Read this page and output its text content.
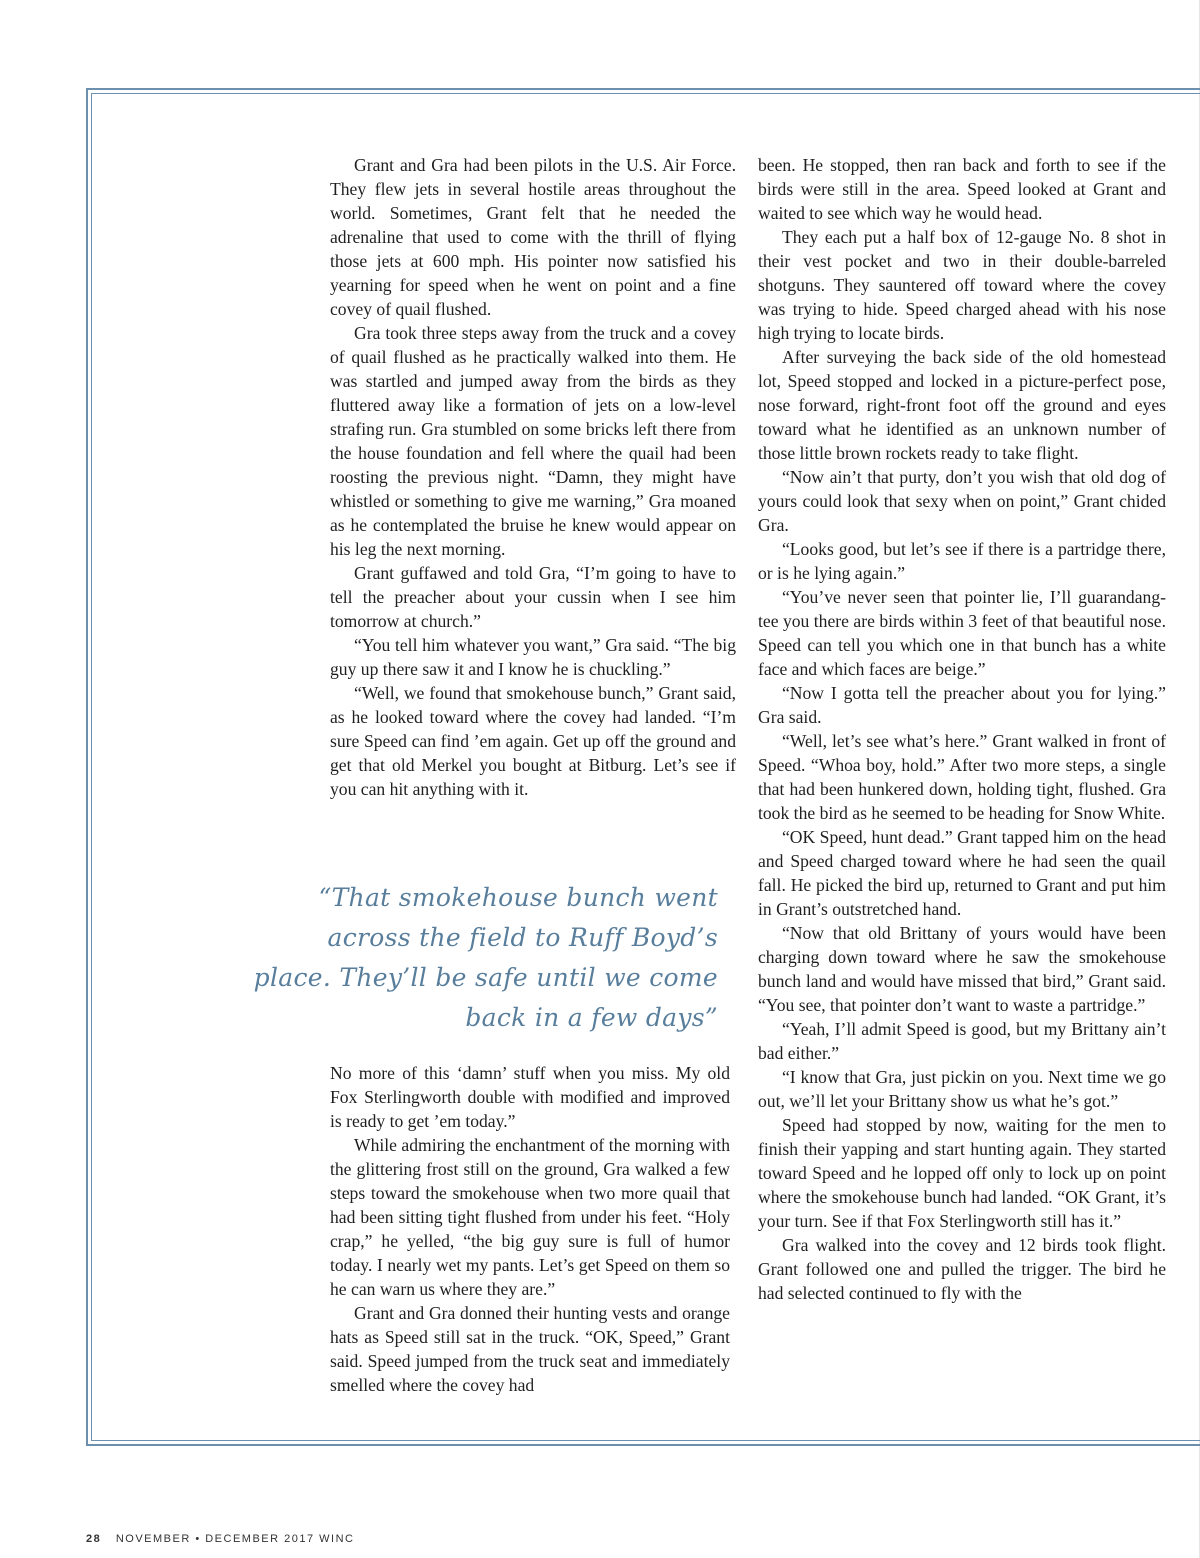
Grant and Gra had been pilots in the U.S. Air Force. They flew jets in several hostile areas throughout the world. Sometimes, Grant felt that he needed the adrenaline that used to come with the thrill of flying those jets at 600 mph. His pointer now satisfied his yearning for speed when he went on point and a fine covey of quail flushed.

Gra took three steps away from the truck and a covey of quail flushed as he practically walked into them. He was startled and jumped away from the birds as they fluttered away like a formation of jets on a low-level strafing run. Gra stumbled on some bricks left there from the house foundation and fell where the quail had been roosting the previous night. “Damn, they might have whistled or something to give me warning,” Gra moaned as he contemplated the bruise he knew would appear on his leg the next morning.

Grant guffawed and told Gra, “I’m going to have to tell the preacher about your cussin when I see him tomorrow at church.”

“You tell him whatever you want,” Gra said. “The big guy up there saw it and I know he is chuckling.”

“Well, we found that smokehouse bunch,” Grant said, as he looked toward where the covey had landed. “I’m sure Speed can find ’em again. Get up off the ground and get that old Merkel you bought at Bitburg. Let’s see if you can hit anything with it.

“That smokehouse bunch went across the field to Ruff Boyd’s place. They’ll be safe until we come back in a few days”

No more of this ‘damn’ stuff when you miss. My old Fox Sterlingworth double with modified and improved is ready to get ’em today.”

While admiring the enchantment of the morning with the glittering frost still on the ground, Gra walked a few steps toward the smokehouse when two more quail that had been sitting tight flushed from under his feet. “Holy crap,” he yelled, “the big guy sure is full of humor today. I nearly wet my pants. Let’s get Speed on them so he can warn us where they are.”

Grant and Gra donned their hunting vests and orange hats as Speed still sat in the truck. “OK, Speed,” Grant said. Speed jumped from the truck seat and immediately smelled where the covey had

been. He stopped, then ran back and forth to see if the birds were still in the area. Speed looked at Grant and waited to see which way he would head.

They each put a half box of 12-gauge No. 8 shot in their vest pocket and two in their double-barreled shotguns. They sauntered off toward where the covey was trying to hide. Speed charged ahead with his nose high trying to locate birds.

After surveying the back side of the old homestead lot, Speed stopped and locked in a picture-perfect pose, nose forward, right-front foot off the ground and eyes toward what he identified as an unknown number of those little brown rockets ready to take flight.

“Now ain’t that purty, don’t you wish that old dog of yours could look that sexy when on point,” Grant chided Gra.

“Looks good, but let’s see if there is a partridge there, or is he lying again.”

“You’ve never seen that pointer lie, I’ll guarandang-tee you there are birds within 3 feet of that beautiful nose. Speed can tell you which one in that bunch has a white face and which faces are beige.”

“Now I gotta tell the preacher about you for lying.” Gra said.

“Well, let’s see what’s here.” Grant walked in front of Speed. “Whoa boy, hold.” After two more steps, a single that had been hunkered down, holding tight, flushed. Gra took the bird as he seemed to be heading for Snow White.

“OK Speed, hunt dead.” Grant tapped him on the head and Speed charged toward where he had seen the quail fall. He picked the bird up, returned to Grant and put him in Grant’s outstretched hand.

“Now that old Brittany of yours would have been charging down toward where he saw the smokehouse bunch land and would have missed that bird,” Grant said. “You see, that pointer don’t want to waste a partridge.”

“Yeah, I’ll admit Speed is good, but my Brittany ain’t bad either.”

“I know that Gra, just pickin on you. Next time we go out, we’ll let your Brittany show us what he’s got.”

Speed had stopped by now, waiting for the men to finish their yapping and start hunting again. They started toward Speed and he lopped off only to lock up on point where the smokehouse bunch had landed. “OK Grant, it’s your turn. See if that Fox Sterlingworth still has it.”

Gra walked into the covey and 12 birds took flight. Grant followed one and pulled the trigger. The bird he had selected continued to fly with the

28 NOVEMBER • DECEMBER 2017 WINC
